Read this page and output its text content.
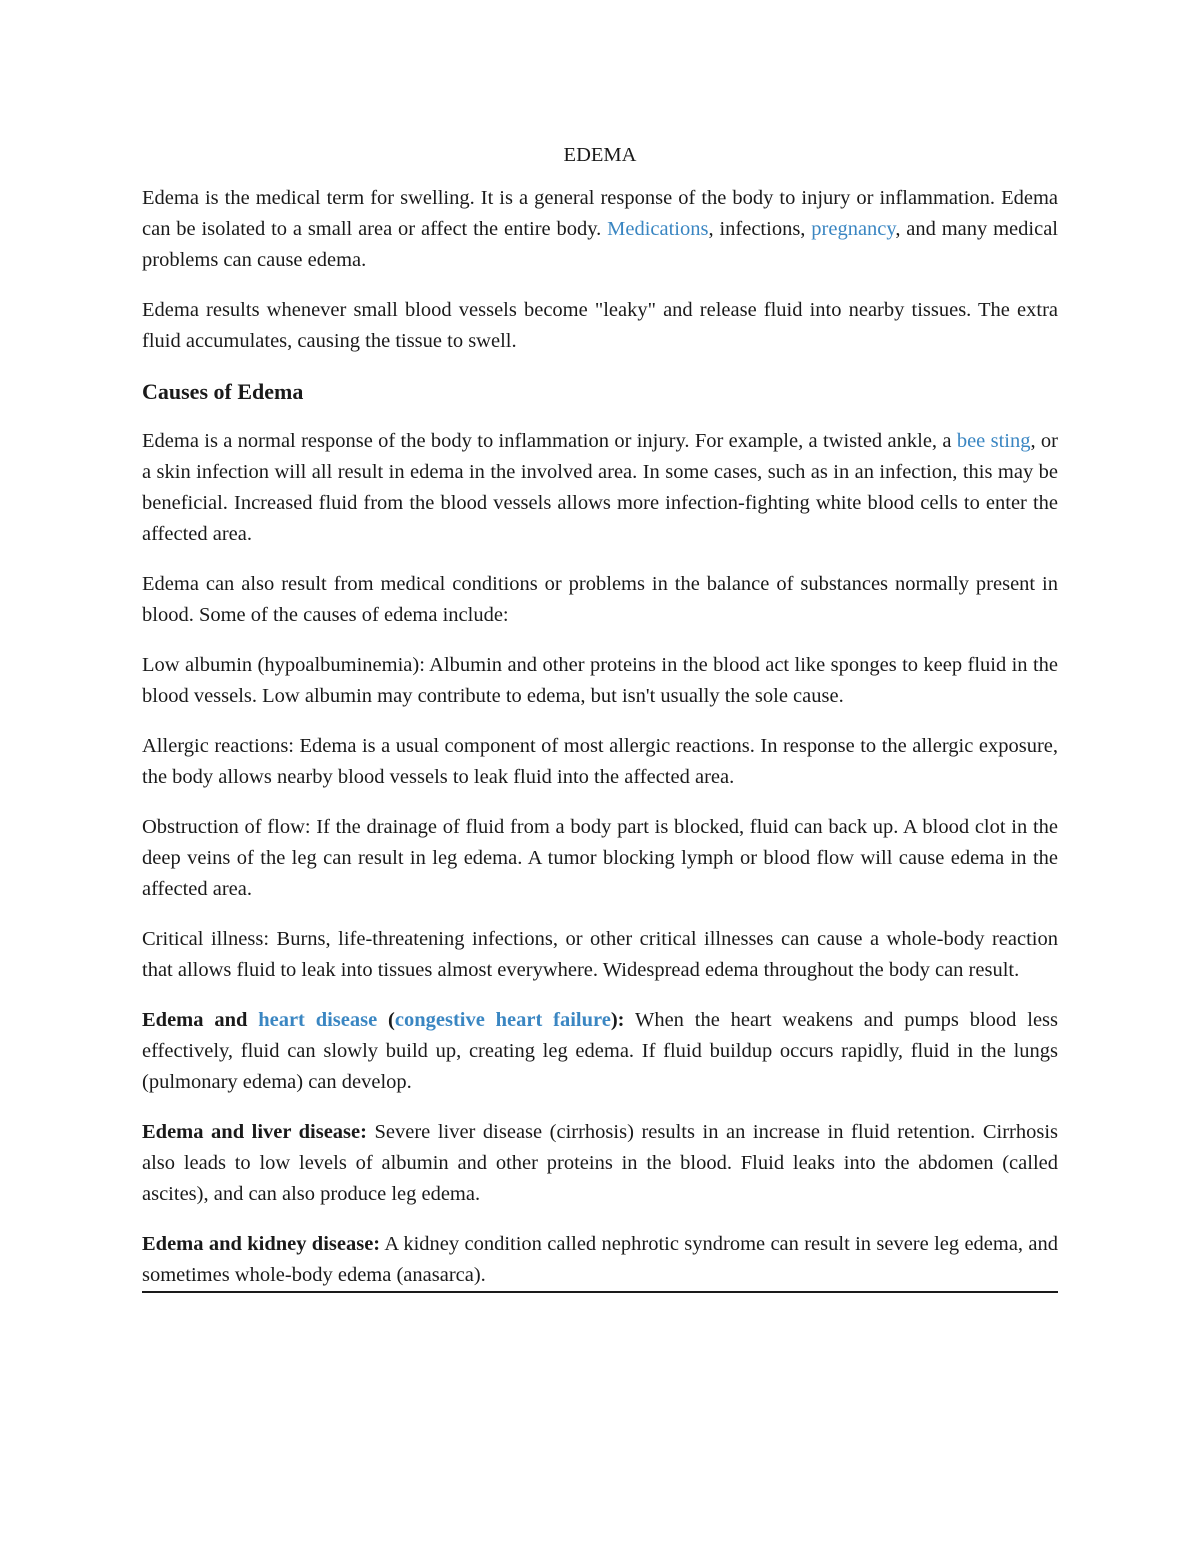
EDEMA

Edema is the medical term for swelling. It is a general response of the body to injury or inflammation. Edema can be isolated to a small area or affect the entire body. Medications, infections, pregnancy, and many medical problems can cause edema.

Edema results whenever small blood vessels become "leaky" and release fluid into nearby tissues. The extra fluid accumulates, causing the tissue to swell.

Causes of Edema

Edema is a normal response of the body to inflammation or injury. For example, a twisted ankle, a bee sting, or a skin infection will all result in edema in the involved area. In some cases, such as in an infection, this may be beneficial. Increased fluid from the blood vessels allows more infection-fighting white blood cells to enter the affected area.

Edema can also result from medical conditions or problems in the balance of substances normally present in blood. Some of the causes of edema include:

Low albumin (hypoalbuminemia): Albumin and other proteins in the blood act like sponges to keep fluid in the blood vessels. Low albumin may contribute to edema, but isn't usually the sole cause.

Allergic reactions: Edema is a usual component of most allergic reactions. In response to the allergic exposure, the body allows nearby blood vessels to leak fluid into the affected area.

Obstruction of flow: If the drainage of fluid from a body part is blocked, fluid can back up. A blood clot in the deep veins of the leg can result in leg edema. A tumor blocking lymph or blood flow will cause edema in the affected area.

Critical illness: Burns, life-threatening infections, or other critical illnesses can cause a whole-body reaction that allows fluid to leak into tissues almost everywhere. Widespread edema throughout the body can result.

Edema and heart disease (congestive heart failure): When the heart weakens and pumps blood less effectively, fluid can slowly build up, creating leg edema. If fluid buildup occurs rapidly, fluid in the lungs (pulmonary edema) can develop.

Edema and liver disease: Severe liver disease (cirrhosis) results in an increase in fluid retention. Cirrhosis also leads to low levels of albumin and other proteins in the blood. Fluid leaks into the abdomen (called ascites), and can also produce leg edema.

Edema and kidney disease: A kidney condition called nephrotic syndrome can result in severe leg edema, and sometimes whole-body edema (anasarca).
